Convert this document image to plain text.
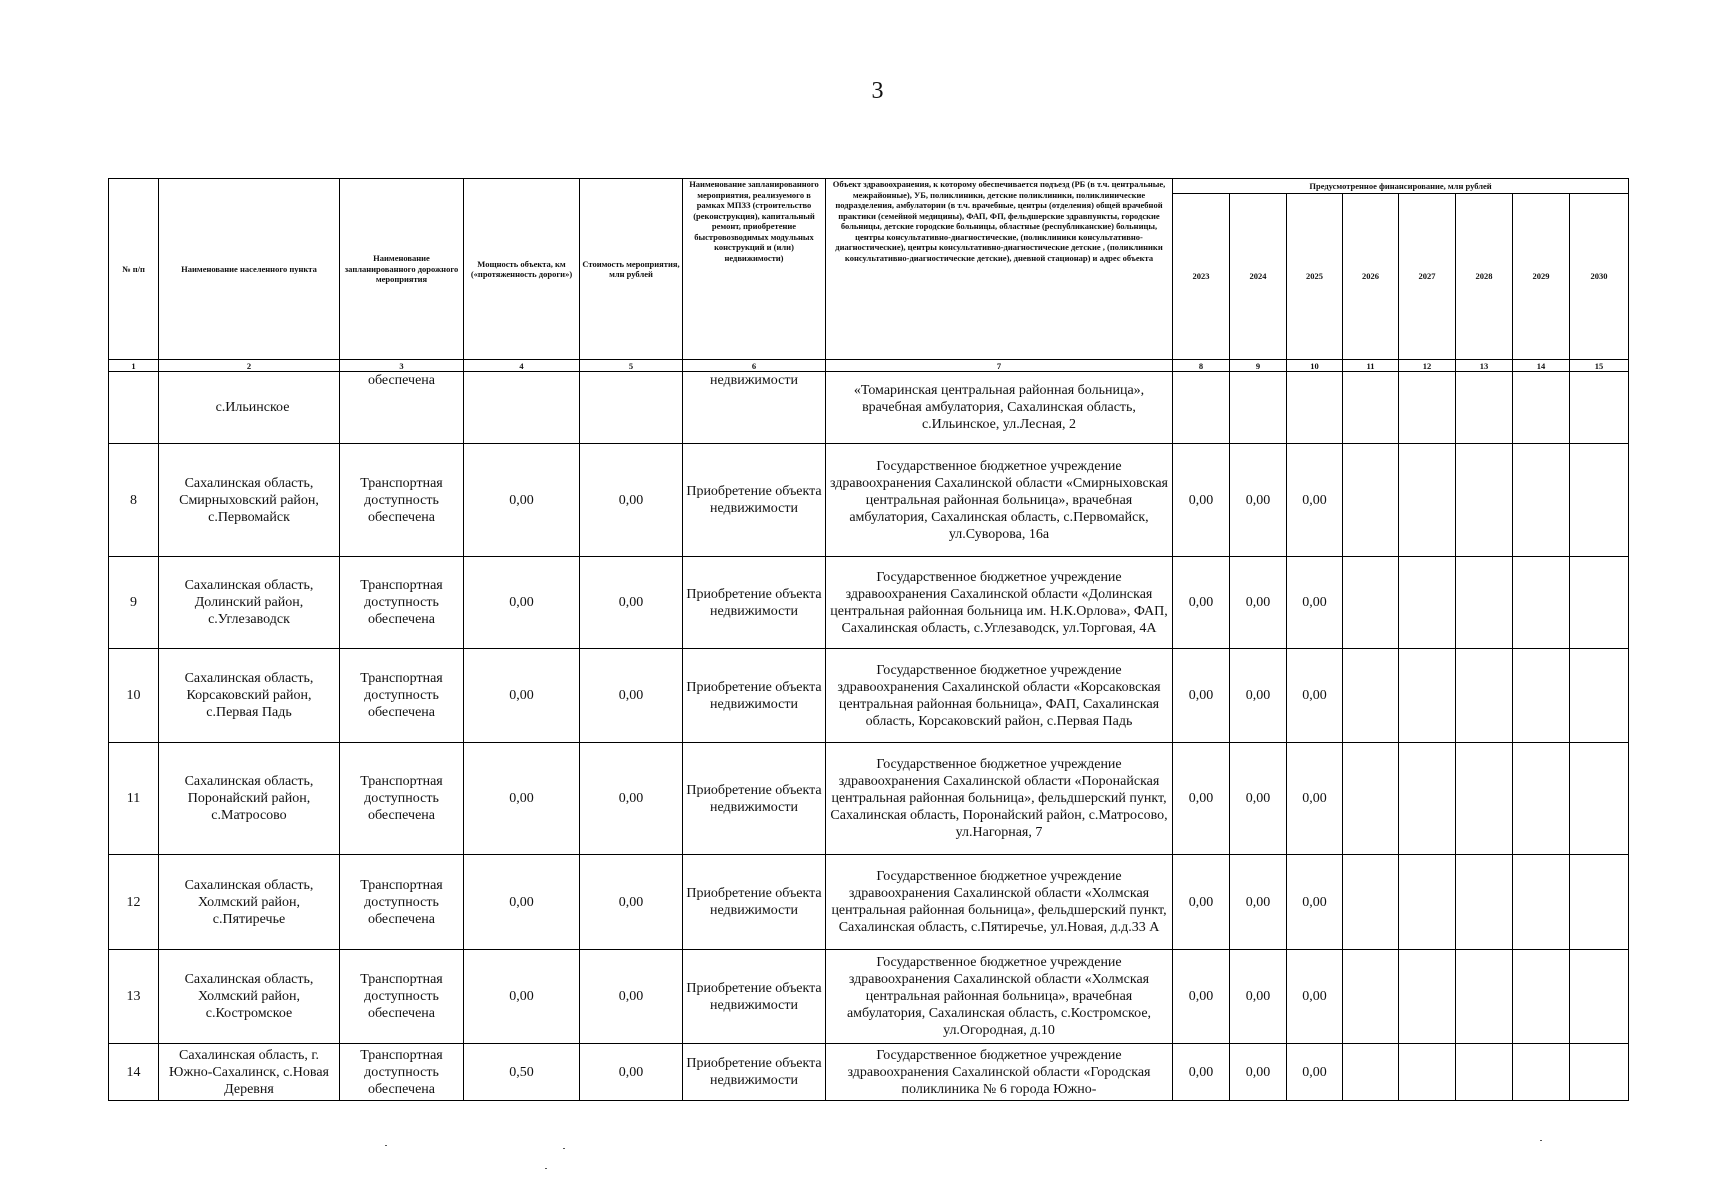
3
№ п/п	Наименование населенного пункта	Наименование запланированного дорожного мероприятия	Мощность объекта, км («протяженность дороги»)	Стоимость мероприятия, млн рублей	Наименование запланированного мероприятия, реализуемого в рамках МПЗЗ (строительство (реконструкция), капитальный ремонт, приобретение быстровозводимых модульных конструкций и (или) недвижимости)	Объект здравоохранения, к которому обеспечивается подъезд (РБ (в т.ч. центральные, межрайонные), УБ, поликлиники, детские поликлиники, поликлинические подразделения, амбулатории (в т.ч. врачебные, центры (отделения) общей врачебной практики (семейной медицины), ФАП, ФП, фельдшерские здравпункты, городские больницы, детские городские больницы, областные (республиканские) больницы, центры консультативно-диагностические, (поликлиники консультативно-диагностические), центры консультативно-диагностические детские , (поликлиники консультативно-диагностические детские), дневной стационар) и адрес объекта	Предусмотренное финансирование, млн рублей							
							2023	2024	2025	2026	2027	2028	2029	2030
1	2	3	4	5	6	7	8	9	10	11	12	13	14	15
	с.Ильинское	обеспечена			недвижимости	«Томаринская центральная районная больница», врачебная амбулатория, Сахалинская область, с.Ильинское, ул.Лесная, 2								
8	Сахалинская область, Смирныховский район, с.Первомайск	Транспортная доступность обеспечена	0,00	0,00	Приобретение объекта недвижимости	Государственное бюджетное учреждение здравоохранения Сахалинской области «Смирныховская центральная районная больница», врачебная амбулатория, Сахалинская область, с.Первомайск, ул.Суворова, 16а	0,00	0,00	0,00					
9	Сахалинская область, Долинский район, с.Углезаводск	Транспортная доступность обеспечена	0,00	0,00	Приобретение объекта недвижимости	Государственное бюджетное учреждение здравоохранения Сахалинской области «Долинская центральная районная больница им. Н.К.Орлова», ФАП, Сахалинская область, с.Углезаводск, ул.Торговая, 4А	0,00	0,00	0,00					
10	Сахалинская область, Корсаковский район, с.Первая Падь	Транспортная доступность обеспечена	0,00	0,00	Приобретение объекта недвижимости	Государственное бюджетное учреждение здравоохранения Сахалинской области «Корсаковская центральная районная больница», ФАП, Сахалинская область, Корсаковский район, с.Первая Падь	0,00	0,00	0,00					
11	Сахалинская область, Поронайский район, с.Матросово	Транспортная доступность обеспечена	0,00	0,00	Приобретение объекта недвижимости	Государственное бюджетное учреждение здравоохранения Сахалинской области «Поронайская центральная районная больница», фельдшерский пункт, Сахалинская область, Поронайский район, с.Матросово, ул.Нагорная, 7	0,00	0,00	0,00					
12	Сахалинская область, Холмский район, с.Пятиречье	Транспортная доступность обеспечена	0,00	0,00	Приобретение объекта недвижимости	Государственное бюджетное учреждение здравоохранения Сахалинской области «Холмская центральная районная больница», фельдшерский пункт, Сахалинская область, с.Пятиречье, ул.Новая, д.д.33 А	0,00	0,00	0,00					
13	Сахалинская область, Холмский район, с.Костромское	Транспортная доступность обеспечена	0,00	0,00	Приобретение объекта недвижимости	Государственное бюджетное учреждение здравоохранения Сахалинской области «Холмская центральная районная больница», врачебная амбулатория, Сахалинская область, с.Костромское, ул.Огородная, д.10	0,00	0,00	0,00					
14	Сахалинская область, г. Южно-Сахалинск, с.Новая Деревня	Транспортная доступность обеспечена	0,50	0,00	Приобретение объекта недвижимости	Государственное бюджетное учреждение здравоохранения Сахалинской области «Городская поликлиника № 6 города Южно-	0,00	0,00	0,00					
